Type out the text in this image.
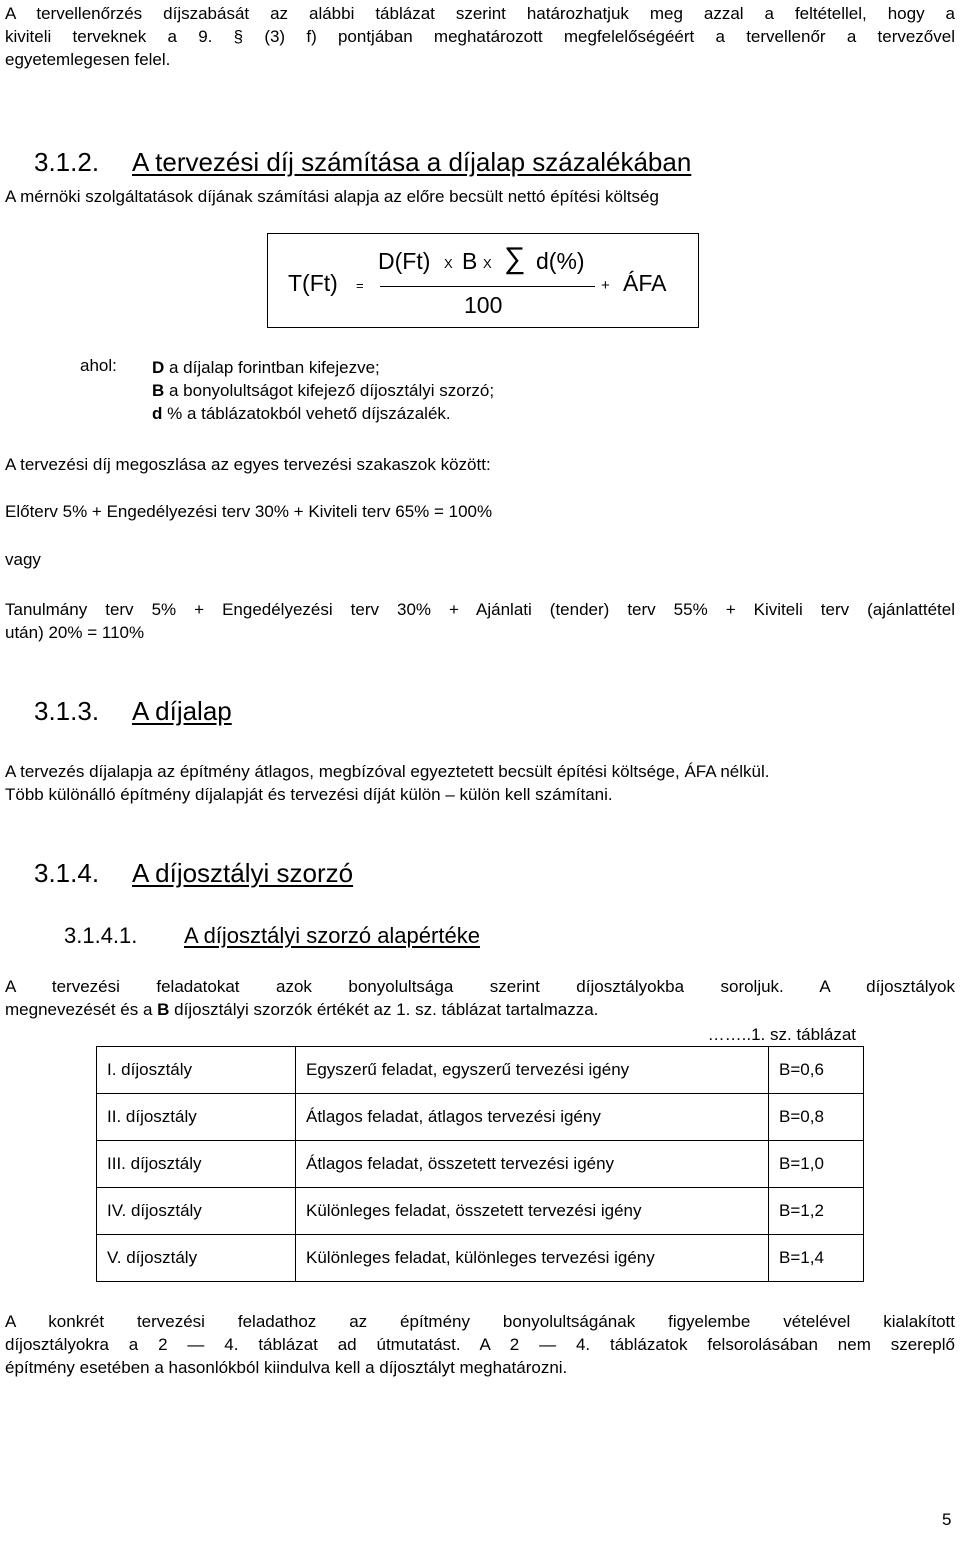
A tervellenőrzés díjszabását az alábbi táblázat szerint határozhatjuk meg azzal a feltétellel, hogy a

kiviteli terveknek a 9. § (3) f) pontjában meghatározott megfelelőségéért a tervellenőr a tervezővel

egyetemlegesen felel.

3.1.2. A tervezési díj számítása a díjalap százalékában

A mérnöki szolgáltatások díjának számítási alapja az előre becsült nettó építési költség

T(Ft) =
D(Ft) X B X ∑ d(%)
100
+ ÁFA

ahol: D a díjalap forintban kifejezve;

B a bonyolultságot kifejező díjosztályi szorzó;

d % a táblázatokból vehető díjszázalék.

A tervezési díj megoszlása az egyes tervezési szakaszok között:

Előterv 5% + Engedélyezési terv 30% + Kiviteli terv 65% = 100%

vagy

Tanulmány terv 5% + Engedélyezési terv 30% + Ajánlati (tender) terv 55% + Kiviteli terv (ajánlattétel

után) 20% = 110%

3.1.3. A díjalap

A tervezés díjalapja az építmény átlagos, megbízóval egyeztetett becsült építési költsége, ÁFA nélkül.

Több különálló építmény díjalapját és tervezési díját külön – külön kell számítani.

3.1.4. A díjosztályi szorzó
3.1.4.1. A díjosztályi szorzó alapértéke

A tervezési feladatokat azok bonyolultsága szerint díjosztályokba soroljuk. A díjosztályok

megnevezését és a B díjosztályi szorzók értékét az 1. sz. táblázat tartalmazza.

……..1. sz. táblázat

I. díjosztály	Egyszerű feladat, egyszerű tervezési igény	B=0,6
II. díjosztály	Átlagos feladat, átlagos tervezési igény	B=0,8
III. díjosztály	Átlagos feladat, összetett tervezési igény	B=1,0
IV. díjosztály	Különleges feladat, összetett tervezési igény	B=1,2
V. díjosztály	Különleges feladat, különleges tervezési igény	B=1,4

A konkrét tervezési feladathoz az építmény bonyolultságának figyelembe vételével kialakított

díjosztályokra a 2 — 4. táblázat ad útmutatást. A 2 — 4. táblázatok felsorolásában nem szereplő

építmény esetében a hasonlókból kiindulva kell a díjosztályt meghatározni.

5
